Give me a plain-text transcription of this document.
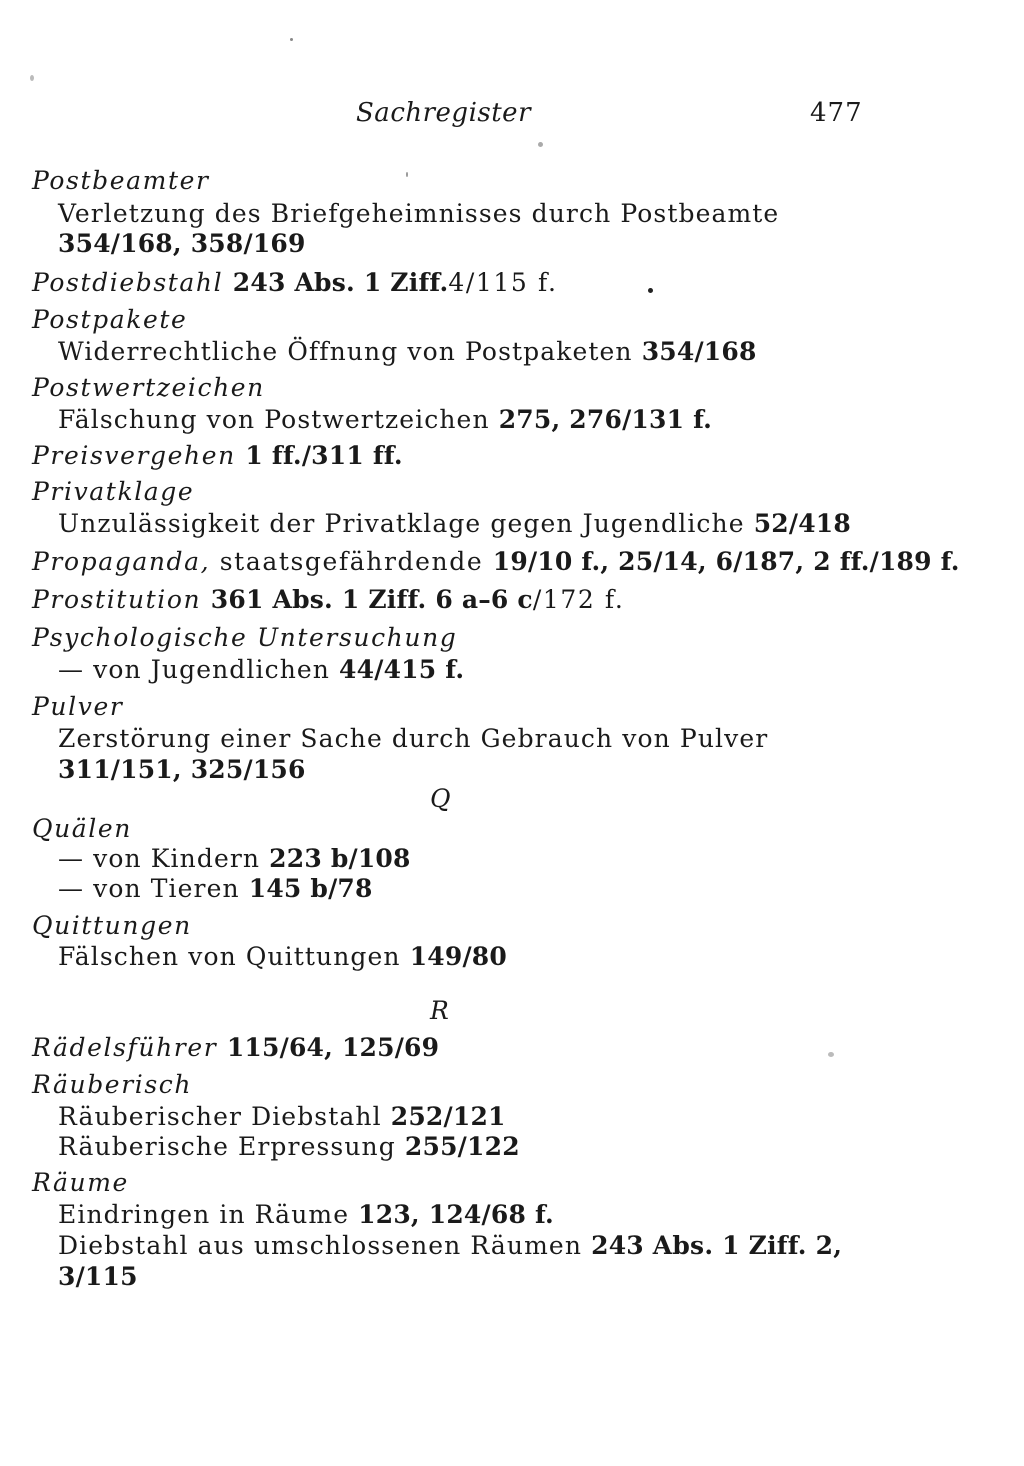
Sachregister	477
Postbeamter
Verletzung des Briefgeheimnisses durch Postbeamte
354/168, 358/169
Postdiebstahl 243 Abs. 1 Ziff.4/115 f.
Postpakete
Widerrechtliche Öffnung von Postpaketen 354/168
Postwertzeichen
Fälschung von Postwertzeichen 275, 276/131 f.
Preisvergehen 1 ff./311 ff.
Privatklage
Unzulässigkeit der Privatklage gegen Jugendliche 52/418
Propaganda, staatsgefährdende 19/10 f., 25/14, 6/187, 2 ff./189 f.
Prostitution 361 Abs. 1 Ziff. 6 a–6 c/172 f.
Psychologische Untersuchung
— von Jugendlichen 44/415 f.
Pulver
Zerstörung einer Sache durch Gebrauch von Pulver
311/151, 325/156
Q
Quälen
— von Kindern 223 b/108
— von Tieren 145 b/78
Quittungen
Fälschen von Quittungen 149/80
R
Rädelsführer 115/64, 125/69
Räuberisch
Räuberischer Diebstahl 252/121
Räuberische Erpressung 255/122
Räume
Eindringen in Räume 123, 124/68 f.
Diebstahl aus umschlossenen Räumen 243 Abs. 1 Ziff. 2,
3/115
